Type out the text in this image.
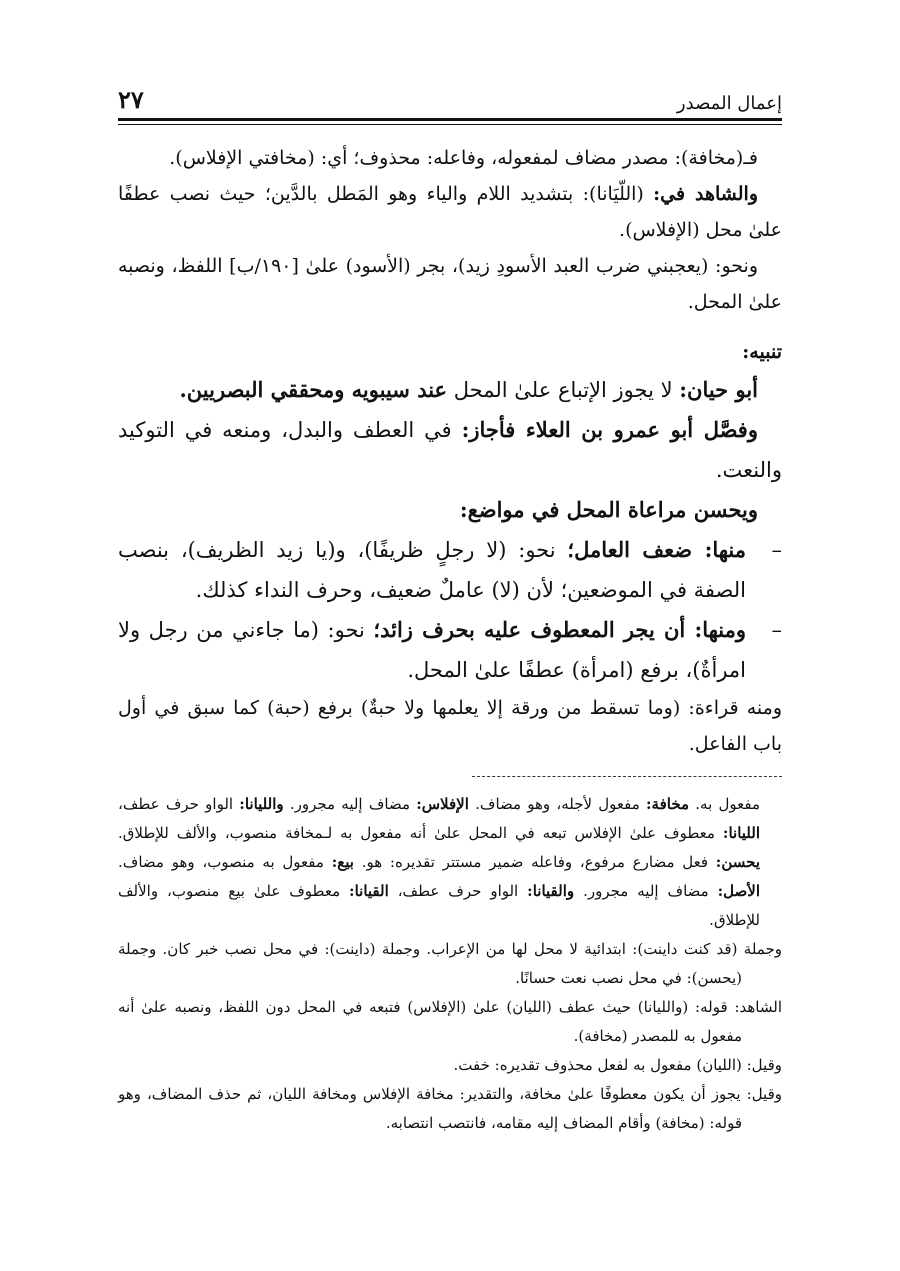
إعمال المصدر
٢٧

فـ(مخافة): مصدر مضاف لمفعوله، وفاعله: محذوف؛ أي: (مخافتي الإفلاس).

والشاهد في: (اللّيَانا): بتشديد اللام والياء وهو المَطل بالدَّين؛ حيث نصب عطفًا علىٰ محل (الإفلاس).

ونحو: (يعجبني ضرب العبد الأسودِ زيد)، بجر (الأسود) علىٰ [١٩٠/ب] اللفظ، ونصبه علىٰ المحل.

تنبيه:

أبو حيان: لا يجوز الإتباع علىٰ المحل عند سيبويه ومحققي البصريين.

وفصَّل أبو عمرو بن العلاء فأجاز: في العطف والبدل، ومنعه في التوكيد والنعت.

ويحسن مراعاة المحل في مواضع:

–
منها: ضعف العامل؛ نحو: (لا رجلٍ ظريفًا)، و(يا زيد الظريف)، بنصب الصفة في الموضعين؛ لأن (لا) عاملٌ ضعيف، وحرف النداء كذلك.
–
ومنها: أن يجر المعطوف عليه بحرف زائد؛ نحو: (ما جاءني من رجل ولا امرأةٌ)، برفع (امرأة) عطفًا علىٰ المحل.

ومنه قراءة: (وما تسقط من ورقة إلا يعلمها ولا حبةٌ) برفع (حبة) كما سبق في أول باب الفاعل.

مفعول به. مخافة: مفعول لأجله، وهو مضاف. الإفلاس: مضاف إليه مجرور. والليانا: الواو حرف عطف، الليانا: معطوف علىٰ الإفلاس تبعه في المحل علىٰ أنه مفعول به لـمخافة منصوب، والألف للإطلاق. يحسن: فعل مضارع مرفوع، وفاعله ضمير مستتر تقديره: هو. بيع: مفعول به منصوب، وهو مضاف. الأصل: مضاف إليه مجرور. والقيانا: الواو حرف عطف، القيانا: معطوف علىٰ بيع منصوب، والألف للإطلاق.

وجملة (قد كنت داينت): ابتدائية لا محل لها من الإعراب. وجملة (داينت): في محل نصب خبر كان. وجملة (يحسن): في محل نصب نعت حسانًا.

الشاهد: قوله: (والليانا) حيث عطف (الليان) علىٰ (الإفلاس) فتبعه في المحل دون اللفظ، ونصبه علىٰ أنه مفعول به للمصدر (مخافة).

وقيل: (الليان) مفعول به لفعل محذوف تقديره: خفت.

وقيل: يجوز أن يكون معطوفًا علىٰ مخافة، والتقدير: مخافة الإفلاس ومخافة الليان، ثم حذف المضاف، وهو قوله: (مخافة) وأقام المضاف إليه مقامه، فانتصب انتصابه.
